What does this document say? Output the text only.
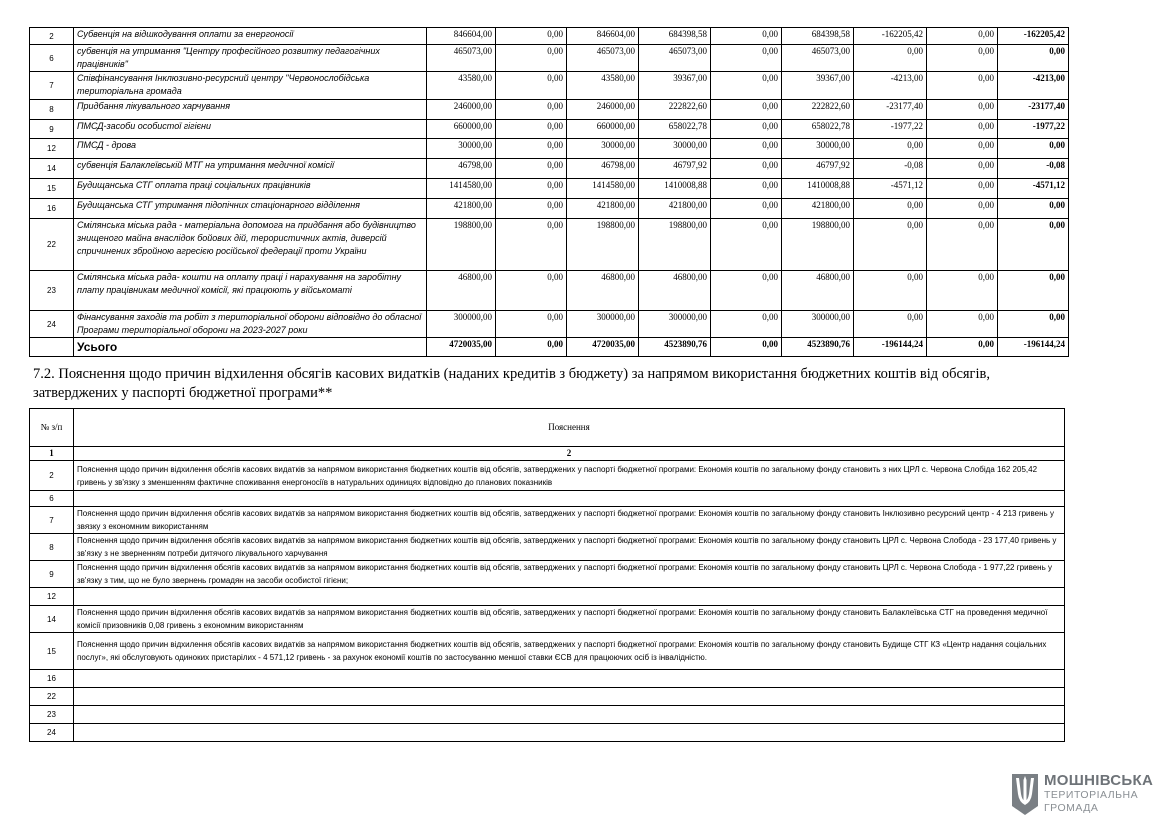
2	Субвенція на відшкодування оплати за енергоносії	846604,00	0,00	846604,00	684398,58	0,00	684398,58	-162205,42	0,00	-162205,42
6	субвенція на утримання "Центру професійного розвитку педагогічних працівників"	465073,00	0,00	465073,00	465073,00	0,00	465073,00	0,00	0,00	0,00
7	Співфінансування Інклюзивно-ресурсний центру "Червонослобідська територіальна громада	43580,00	0,00	43580,00	39367,00	0,00	39367,00	-4213,00	0,00	-4213,00
8	Придбання лікувального харчування	246000,00	0,00	246000,00	222822,60	0,00	222822,60	-23177,40	0,00	-23177,40
9	ПМСД-засоби особистої гігієни	660000,00	0,00	660000,00	658022,78	0,00	658022,78	-1977,22	0,00	-1977,22
12	ПМСД - дрова	30000,00	0,00	30000,00	30000,00	0,00	30000,00	0,00	0,00	0,00
14	субвенція Балаклеївській МТГ на утримання медичної комісії	46798,00	0,00	46798,00	46797,92	0,00	46797,92	-0,08	0,00	-0,08
15	Будищанська СТГ оплата праці соціальних працівників	1414580,00	0,00	1414580,00	1410008,88	0,00	1410008,88	-4571,12	0,00	-4571,12
16	Будищанська СТГ утримання підопічних стаціонарного відділення	421800,00	0,00	421800,00	421800,00	0,00	421800,00	0,00	0,00	0,00
22	Смілянська міська рада - матеріальна допомога на придбання або будівництво знищеного майна внаслідок бойових дій, терористичних актів, диверсій спричинених збройною агресією російської федерації проти України	198800,00	0,00	198800,00	198800,00	0,00	198800,00	0,00	0,00	0,00
23	Смілянська міська рада- кошти на оплату праці і нарахування на заробітну плату працівникам медичної комісії, які працюють у військоматі	46800,00	0,00	46800,00	46800,00	0,00	46800,00	0,00	0,00	0,00
24	Фінансування заходів та робіт з територіальної оборони відповідно до обласної Програми територіальної оборони на 2023-2027 роки	300000,00	0,00	300000,00	300000,00	0,00	300000,00	0,00	0,00	0,00
	Усього	4720035,00	0,00	4720035,00	4523890,76	0,00	4523890,76	-196144,24	0,00	-196144,24
7.2. Пояснення щодо причин відхилення обсягів касових видатків (наданих кредитів з бюджету) за напрямом використання бюджетних коштів від обсягів, затверджених у паспорті бюджетної програми**
№ з/п	Пояснення
1	2
2	Пояснення щодо причин відхилення обсягів касових видатків за напрямом використання бюджетних коштів від обсягів, затверджених у паспорті бюджетної програми: Економія коштів по загальному фонду становить з них ЦРЛ с. Червона Слобіда 162 205,42 гривень у зв'язку з зменшенням фактичне споживання енергоносіїв в натуральних одиницях відповідно до планових показників
6	
7	Пояснення щодо причин відхилення обсягів касових видатків за напрямом використання бюджетних коштів від обсягів, затверджених у паспорті бюджетної програми: Економія коштів по загальному фонду становить Інклюзивно ресурсний центр - 4 213 гривень у звязку з економним використанням
8	Пояснення щодо причин відхилення обсягів касових видатків за напрямом використання бюджетних коштів від обсягів, затверджених у паспорті бюджетної програми: Економія коштів по загальному фонду становить ЦРЛ с. Червона Слобода - 23 177,40 гривень у зв'язку з не зверненням потреби дитячого лікувального харчування
9	Пояснення щодо причин відхилення обсягів касових видатків за напрямом використання бюджетних коштів від обсягів, затверджених у паспорті бюджетної програми: Економія коштів по загальному фонду становить ЦРЛ с. Червона Слобода - 1 977,22 гривень у зв'язку з тим, що не було звернень громадян на засоби особистої гігієни;
12	
14	Пояснення щодо причин відхилення обсягів касових видатків за напрямом використання бюджетних коштів від обсягів, затверджених у паспорті бюджетної програми: Економія коштів по загальному фонду становить Балаклеївська СТГ на проведення медичної комісії призовників 0,08 гривень з економним використанням
15	Пояснення щодо причин відхилення обсягів касових видатків за напрямом використання бюджетних коштів від обсягів, затверджених у паспорті бюджетної програми: Економія коштів по загальному фонду становить Будище СТГ КЗ «Центр надання соціальних послуг», які обслуговують одиноких пристарілих - 4 571,12 гривень - за рахунок економії коштів по застосуванню меншої ставки ЄСВ для працюючих осіб із інвалідністю.
16	
22	
23	
24	
МОШНІВСЬКА
ТЕРИТОРІАЛЬНА
ГРОМАДА
